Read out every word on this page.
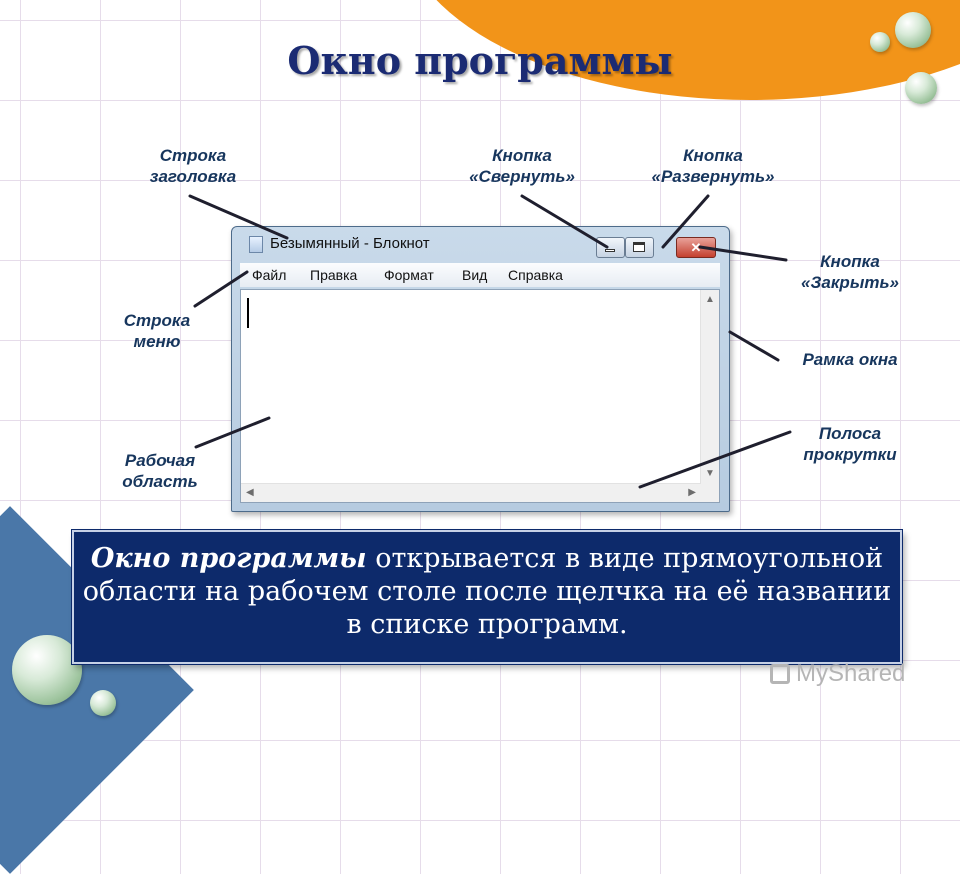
Окно программы
Строка заголовка
Кнопка «Свернуть»
Кнопка «Развернуть»
Кнопка «Закрыть»
Строка меню
Рамка окна
Рабочая область
Полоса прокрутки
Безымянный - Блокнот	✕
Файл Правка Формат Вид Справка
▲
▼
◀	▶
Окно программы открывается в виде прямоугольной области на рабочем столе после щелчка на её названии в списке программ.
MyShared
